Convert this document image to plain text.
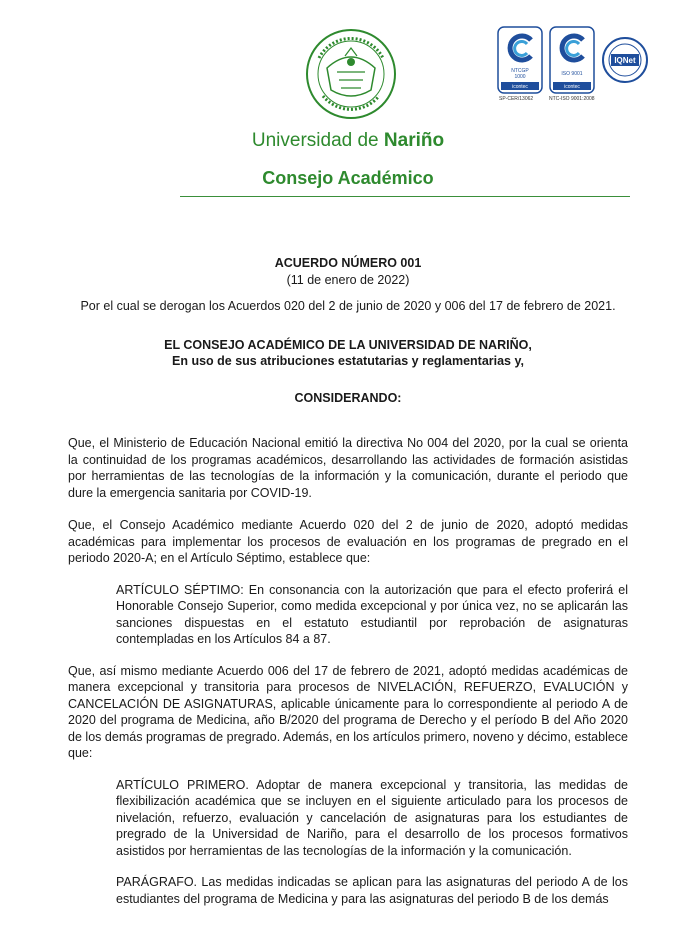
NTCGP
1000
icontec
SP-CER/13062
ISO 9001
icontec
NTC-ISO 9001:2008
IQNet
Universidad de Nariño
Consejo Académico
ACUERDO NÚMERO 001
(11 de enero de 2022)
Por el cual se derogan los Acuerdos 020 del 2 de junio de 2020 y 006 del 17 de febrero de 2021.
EL CONSEJO ACADÉMICO DE LA UNIVERSIDAD DE NARIÑO,
En uso de sus atribuciones estatutarias y reglamentarias y,
CONSIDERANDO:

Que, el Ministerio de Educación Nacional emitió la directiva No 004 del 2020, por la cual se orienta la continuidad de los programas académicos, desarrollando las actividades de formación asistidas por herramientas de las tecnologías de la información y la comunicación, durante el periodo que dure la emergencia sanitaria por COVID-19.

Que, el Consejo Académico mediante Acuerdo 020 del 2 de junio de 2020, adoptó medidas académicas para implementar los procesos de evaluación en los programas de pregrado en el periodo 2020-A; en el Artículo Séptimo, establece que:

ARTÍCULO SÉPTIMO: En consonancia con la autorización que para el efecto proferirá el Honorable Consejo Superior, como medida excepcional y por única vez, no se aplicarán las sanciones dispuestas en el estatuto estudiantil por reprobación de asignaturas contempladas en los Artículos 84 a 87.

Que, así mismo mediante Acuerdo 006 del 17 de febrero de 2021, adoptó medidas académicas de manera excepcional y transitoria para procesos de NIVELACIÓN, REFUERZO, EVALUCIÓN y CANCELACIÓN DE ASIGNATURAS, aplicable únicamente para lo correspondiente al periodo A de 2020 del programa de Medicina, año B/2020 del programa de Derecho y el período B del Año 2020 de los demás programas de pregrado. Además, en los artículos primero, noveno y décimo, establece que:

ARTÍCULO PRIMERO. Adoptar de manera excepcional y transitoria, las medidas de flexibilización académica que se incluyen en el siguiente articulado para los procesos de nivelación, refuerzo, evaluación y cancelación de asignaturas para los estudiantes de pregrado de la Universidad de Nariño, para el desarrollo de los procesos formativos asistidos por herramientas de las tecnologías de la información y la comunicación.

PARÁGRAFO. Las medidas indicadas se aplican para las asignaturas del periodo A de los estudiantes del programa de Medicina y para las asignaturas del periodo B de los demás
